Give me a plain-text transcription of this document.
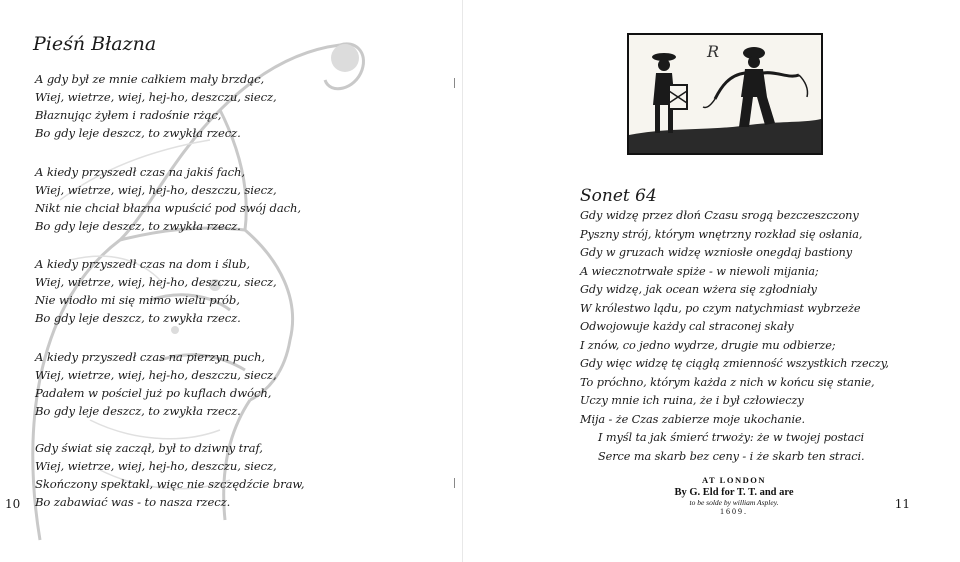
Pieśń Błazna
A gdy był ze mnie całkiem mały brzdąc,
Wiej, wietrze, wiej, hej-ho, deszczu, siecz,
Błaznując żyłem i radośnie rżąc,
Bo gdy leje deszcz, to zwykła rzecz.
A kiedy przyszedł czas na jakiś fach,
Wiej, wietrze, wiej, hej-ho, deszczu, siecz,
Nikt nie chciał błazna wpuścić pod swój dach,
Bo gdy leje deszcz, to zwykła rzecz.
A kiedy przyszedł czas na dom i ślub,
Wiej, wietrze, wiej, hej-ho, deszczu, siecz,
Nie wiodło mi się mimo wielu prób,
Bo gdy leje deszcz, to zwykła rzecz.
A kiedy przyszedł czas na pierzyn puch,
Wiej, wietrze, wiej, hej-ho, deszczu, siecz,
Padałem w pościel już po kuflach dwóch,
Bo gdy leje deszcz, to zwykła rzecz.
Gdy świat się zaczął, był to dziwny traf,
Wiej, wietrze, wiej, hej-ho, deszczu, siecz,
Skończony spektakl, więc nie szczędźcie braw,
Bo zabawiać was - to nasza rzecz.
10
R
Sonet 64
Gdy widzę przez dłoń Czasu srogą bezczeszczony
Pyszny strój, którym wnętrzny rozkład się osłania,
Gdy w gruzach widzę wzniosłe onegdaj bastiony
A wiecznotrwałe spiże - w niewoli mijania;
Gdy widzę, jak ocean wżera się zgłodniały
W królestwo lądu, po czym natychmiast wybrzeże
Odwojowuje każdy cal straconej skały
I znów, co jedno wydrze, drugie mu odbierze;
Gdy więc widzę tę ciągłą zmienność wszystkich rzeczy,
To próchno, którym każda z nich w końcu się stanie,
Uczy mnie ich ruina, że i był człowieczy
Mija - że Czas zabierze moje ukochanie.
I myśl ta jak śmierć trwoży: że w twojej postaci
Serce ma skarb bez ceny - i że skarb ten straci.
AT LONDON
By G. Eld for T. T. and are
to be solde by william Aspley.
1609.
11
